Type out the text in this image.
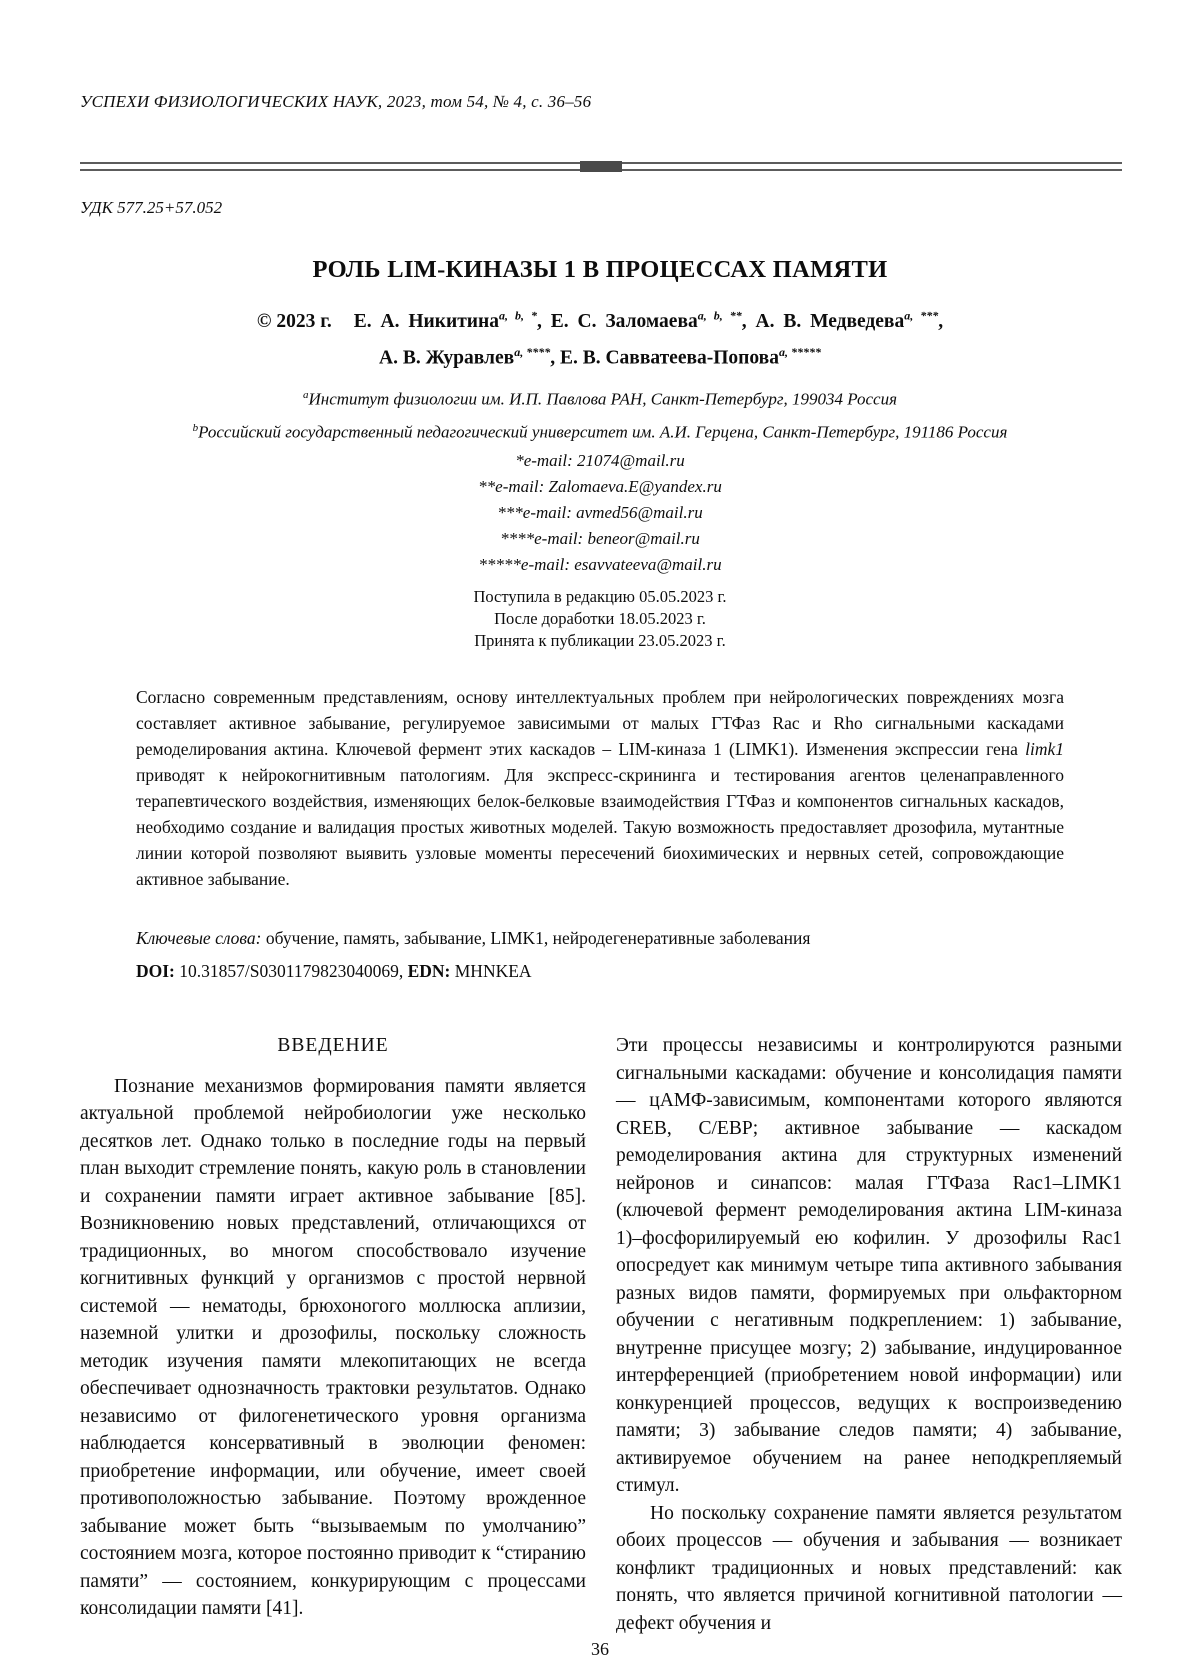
УСПЕХИ ФИЗИОЛОГИЧЕСКИХ НАУК, 2023, том 54, № 4, с. 36–56
УДК 577.25+57.052
РОЛЬ LIM-КИНАЗЫ 1 В ПРОЦЕССАХ ПАМЯТИ
© 2023 г. Е. А. Никитина$^{a, b, *}$, Е. С. Заломаева$^{a, b, **}$, А. В. Медведева$^{a, ***}$,
А. В. Журавлев$^{a, ****}$, Е. В. Савватеева-Попова$^{a, *****}$
$^a$Институт физиологии им. И.П. Павлова РАН, Санкт-Петербург, 199034 Россия
$^b$Российский государственный педагогический университет им. А.И. Герцена, Санкт-Петербург, 191186 Россия
*e-mail: 21074@mail.ru
**e-mail: Zalomaeva.E@yandex.ru
***e-mail: avmed56@mail.ru
****e-mail: beneor@mail.ru
*****e-mail: esavvateeva@mail.ru
Поступила в редакцию 05.05.2023 г.
После доработки 18.05.2023 г.
Принята к публикации 23.05.2023 г.
Согласно современным представлениям, основу интеллектуальных проблем при нейрологических повреждениях мозга составляет активное забывание, регулируемое зависимыми от малых ГТФаз Rac и Rho сигнальными каскадами ремоделирования актина. Ключевой фермент этих каскадов – LIM-киназа 1 (LIMK1). Изменения экспрессии гена limk1 приводят к нейрокогнитивным патологиям. Для экспресс-скрининга и тестирования агентов целенаправленного терапевтического воздействия, изменяющих белок-белковые взаимодействия ГТФаз и компонентов сигнальных каскадов, необходимо создание и валидация простых животных моделей. Такую возможность предоставляет дрозофила, мутантные линии которой позволяют выявить узловые моменты пересечений биохимических и нервных сетей, сопровождающие активное забывание.
Ключевые слова: обучение, память, забывание, LIMK1, нейродегенеративные заболевания
DOI: 10.31857/S0301179823040069, EDN: MHNKEA
ВВЕДЕНИЕ

Познание механизмов формирования памяти является актуальной проблемой нейробиологии уже несколько десятков лет. Однако только в последние годы на первый план выходит стремление понять, какую роль в становлении и сохранении памяти играет активное забывание [85]. Возникновению новых представлений, отличающихся от традиционных, во многом способствовало изучение когнитивных функций у организмов с простой нервной системой — нематоды, брюхоногого моллюска аплизии, наземной улитки и дрозофилы, поскольку сложность методик изучения памяти млекопитающих не всегда обеспечивает однозначность трактовки результатов. Однако независимо от филогенетического уровня организма наблюдается консервативный в эволюции феномен: приобретение информации, или обучение, имеет своей противоположностью забывание. Поэтому врожденное забывание может быть “вызываемым по умолчанию” состоянием мозга, которое постоянно приводит к “стиранию памяти” — состоянием, конкурирующим с процессами консолидации памяти [41].

Эти процессы независимы и контролируются разными сигнальными каскадами: обучение и консолидация памяти — цАМФ-зависимым, компонентами которого являются CREB, C/EBP; активное забывание — каскадом ремоделирования актина для структурных изменений нейронов и синапсов: малая ГТФаза Rac1–LIMK1 (ключевой фермент ремоделирования актина LIM-киназа 1)–фосфорилируемый ею кофилин. У дрозофилы Rac1 опосредует как минимум четыре типа активного забывания разных видов памяти, формируемых при ольфакторном обучении с негативным подкреплением: 1) забывание, внутренне присущее мозгу; 2) забывание, индуцированное интерференцией (приобретением новой информации) или конкуренцией процессов, ведущих к воспроизведению памяти; 3) забывание следов памяти; 4) забывание, активируемое обучением на ранее неподкрепляемый стимул.

Но поскольку сохранение памяти является результатом обоих процессов — обучения и забывания — возникает конфликт традиционных и новых представлений: как понять, что является причиной когнитивной патологии — дефект обучения и

36
